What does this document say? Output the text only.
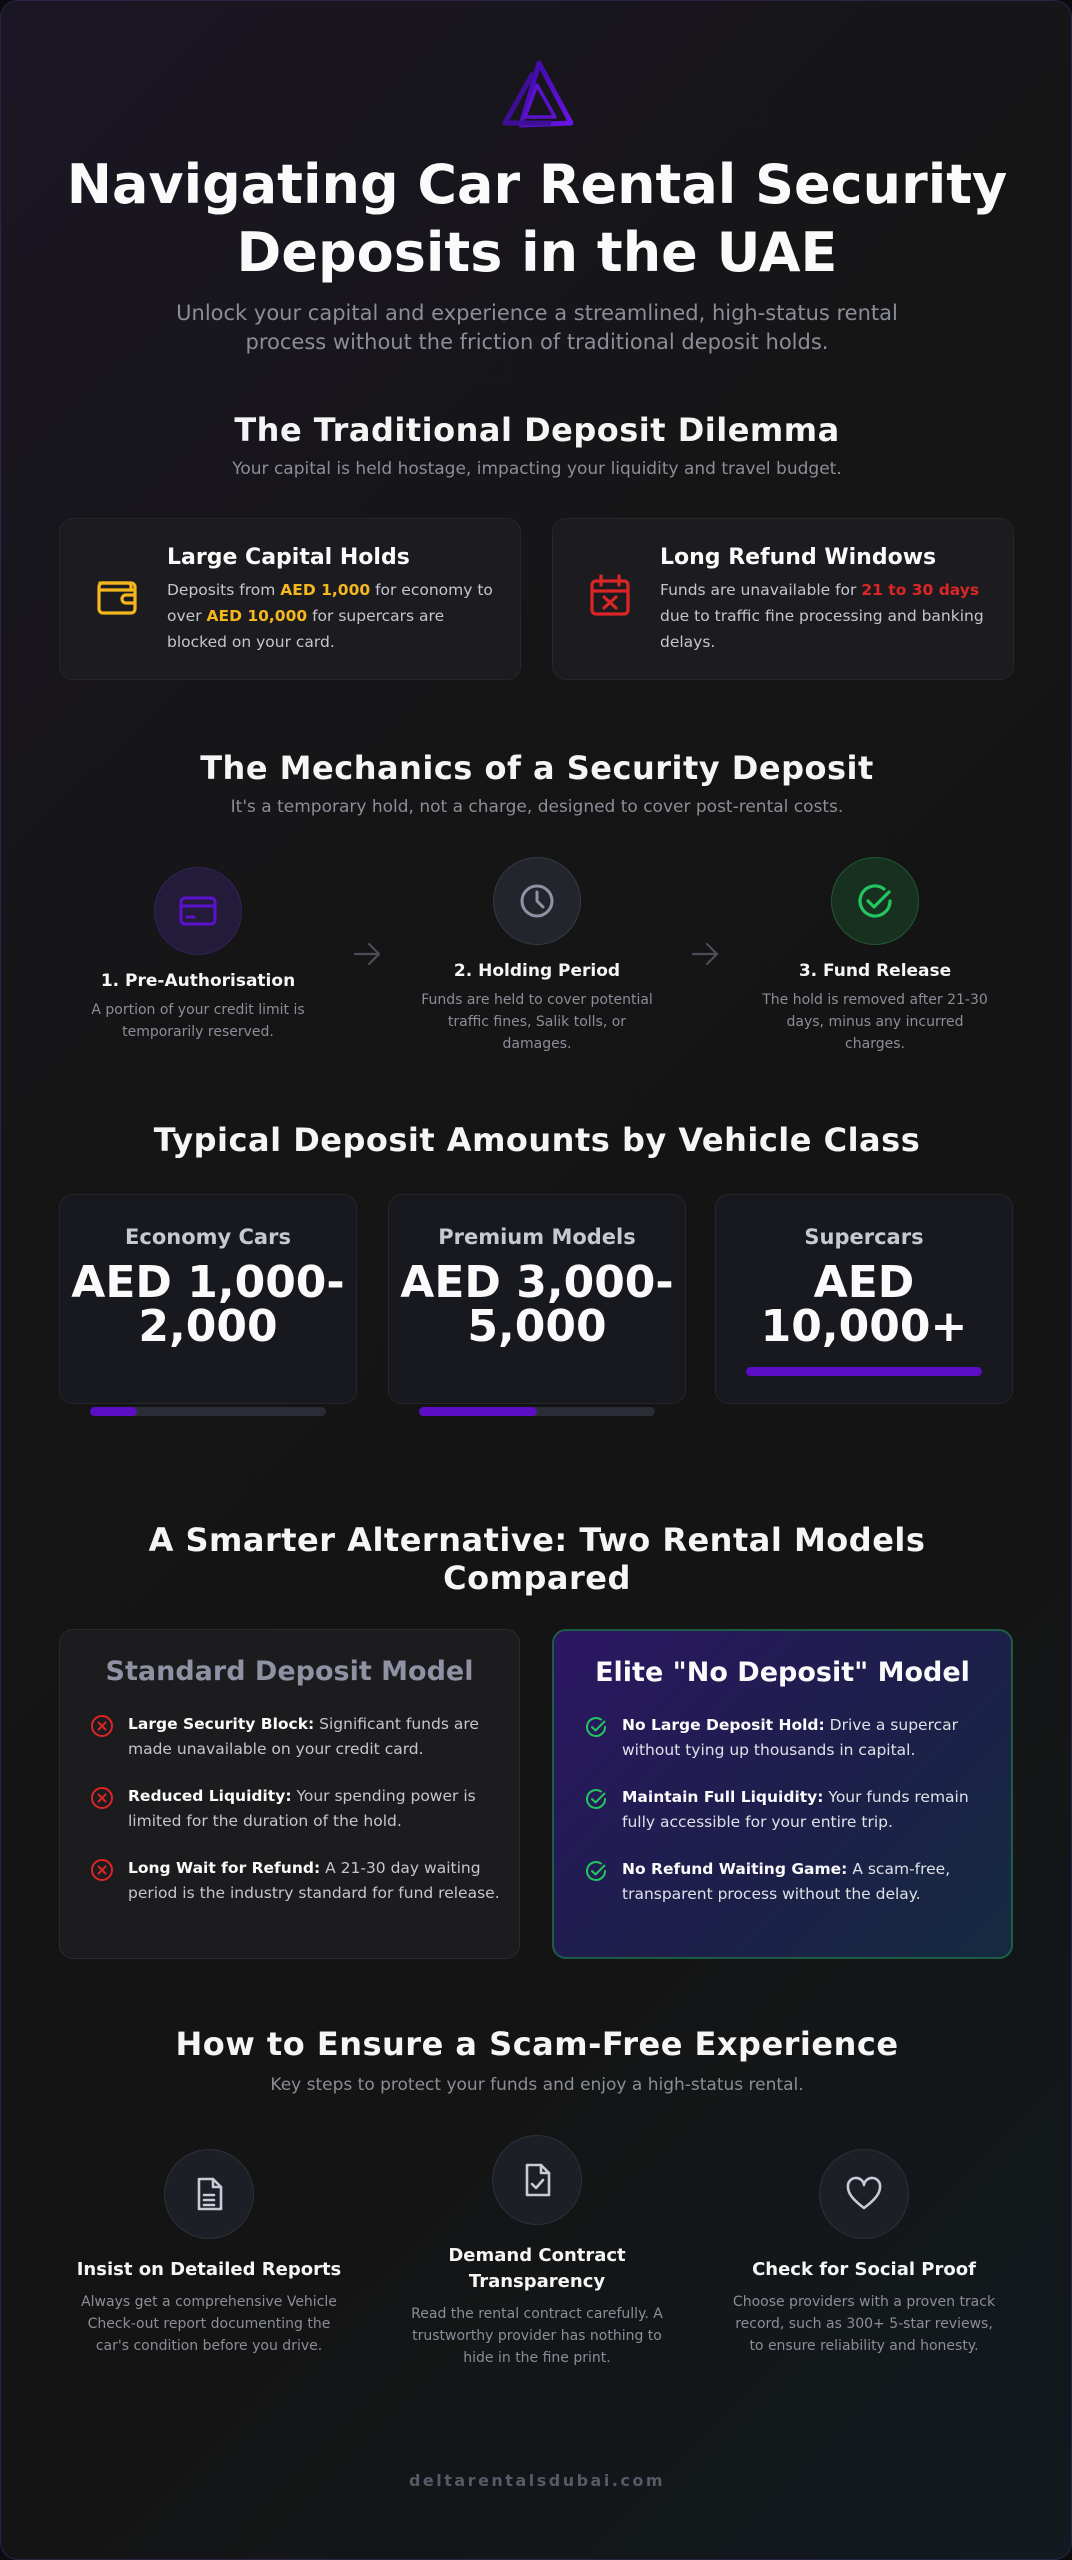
Navigating Car Rental Security Deposits in the UAE

Unlock your capital and experience a streamlined, high-status rental process without the friction of traditional deposit holds.

The Traditional Deposit Dilemma

Your capital is held hostage, impacting your liquidity and travel budget.

Large Capital Holds
Deposits from AED 1,000 for economy to over AED 10,000 for supercars are blocked on your card.
Long Refund Windows
Funds are unavailable for 21 to 30 days due to traffic fine processing and banking delays.
The Mechanics of a Security Deposit

It's a temporary hold, not a charge, designed to cover post-rental costs.

1. Pre-Authorisation
A portion of your credit limit is temporarily reserved.
2. Holding Period
Funds are held to cover potential traffic fines, Salik tolls, or damages.
3. Fund Release
The hold is removed after 21-30 days, minus any incurred charges.
Typical Deposit Amounts by Vehicle Class
Economy Cars
AED 1,000-2,000
Premium Models
AED 3,000-5,000
Supercars
AED 10,000+
A Smarter Alternative: Two Rental Models Compared
Standard Deposit Model
Large Security Block: Significant funds are made unavailable on your credit card.
Reduced Liquidity: Your spending power is limited for the duration of the hold.
Long Wait for Refund: A 21-30 day waiting period is the industry standard for fund release.
Elite "No Deposit" Model
No Large Deposit Hold: Drive a supercar without tying up thousands in capital.
Maintain Full Liquidity: Your funds remain fully accessible for your entire trip.
No Refund Waiting Game: A scam-free, transparent process without the delay.
How to Ensure a Scam-Free Experience

Key steps to protect your funds and enjoy a high-status rental.

Insist on Detailed Reports
Always get a comprehensive Vehicle Check-out report documenting the car's condition before you drive.
Demand Contract Transparency
Read the rental contract carefully. A trustworthy provider has nothing to hide in the fine print.
Check for Social Proof
Choose providers with a proven track record, such as 300+ 5-star reviews, to ensure reliability and honesty.
deltarentalsdubai.com
